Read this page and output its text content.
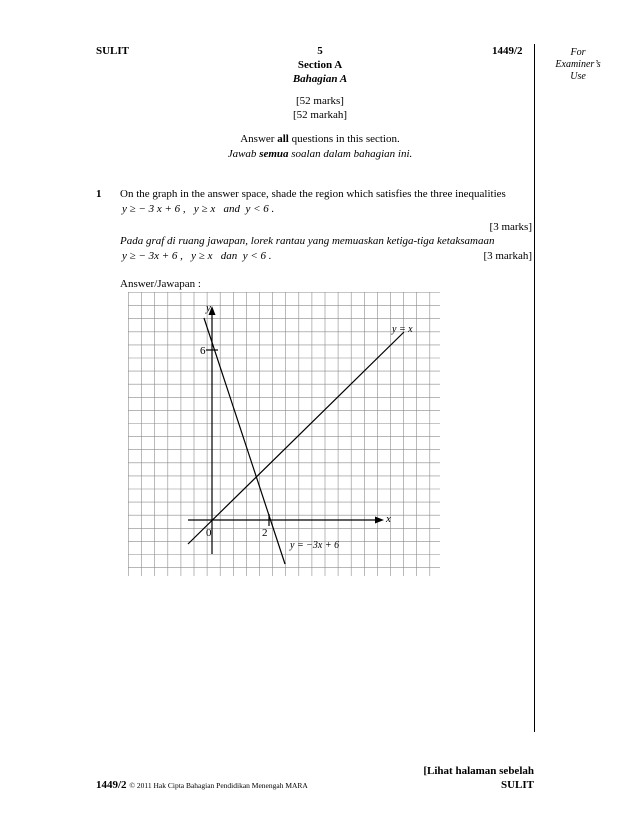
SULIT	5	1449/2	For
Examiner’s
Use
Section A
Bahagian A
[52 marks]
[52 markah]
Answer all questions in this section.
Jawab semua soalan dalam bahagian ini.
1 On the graph in the answer space, shade the region which satisfies the three inequalities
y ≥ − 3 x + 6 ,   y ≥ x   and  y < 6 .
[3 marks]
Pada graf di ruang jawapan, lorek rantau yang memuaskan ketiga-tiga ketaksamaan
y ≥ − 3x + 6 ,   y ≥ x   dan  y < 6 .	[3 markah]
Answer/Jawapan :
y
x
0	2
6
y = x
y = −3x + 6
[Lihat halaman sebelah
1449/2 © 2011 Hak Cipta Bahagian Pendidikan Menengah MARA	SULIT
